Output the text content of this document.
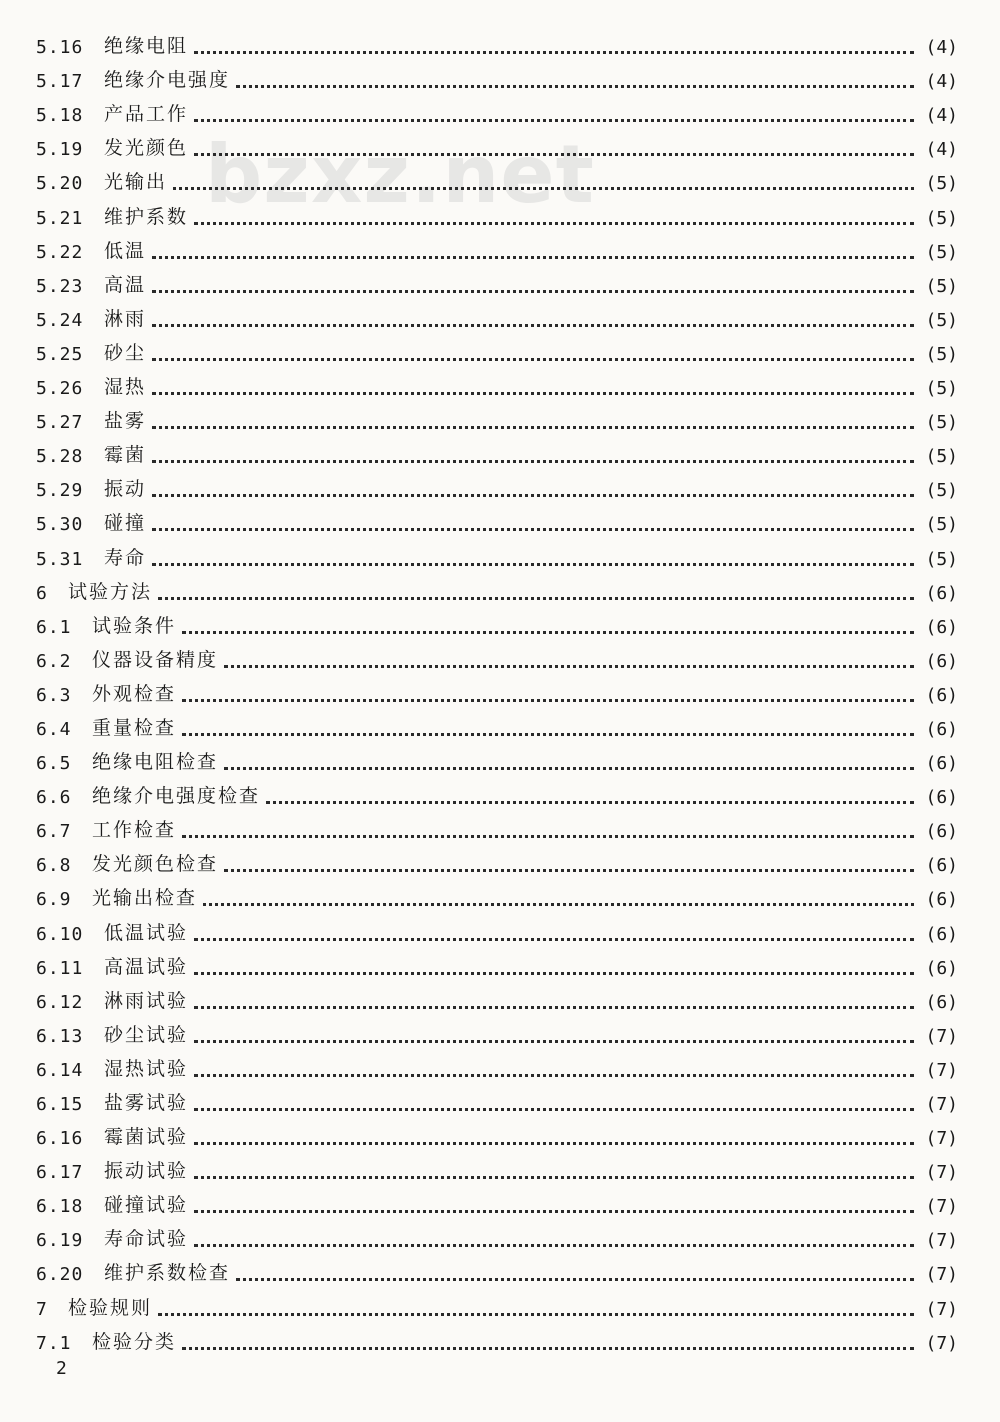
bzxz.net
5.16	绝缘电阻	(4)
5.17	绝缘介电强度	(4)
5.18	产品工作	(4)
5.19	发光颜色	(4)
5.20	光输出	(5)
5.21	维护系数	(5)
5.22	低温	(5)
5.23	高温	(5)
5.24	淋雨	(5)
5.25	砂尘	(5)
5.26	湿热	(5)
5.27	盐雾	(5)
5.28	霉菌	(5)
5.29	振动	(5)
5.30	碰撞	(5)
5.31	寿命	(5)
6	试验方法	(6)
6.1	试验条件	(6)
6.2	仪器设备精度	(6)
6.3	外观检查	(6)
6.4	重量检查	(6)
6.5	绝缘电阻检查	(6)
6.6	绝缘介电强度检查	(6)
6.7	工作检查	(6)
6.8	发光颜色检查	(6)
6.9	光输出检查	(6)
6.10	低温试验	(6)
6.11	高温试验	(6)
6.12	淋雨试验	(6)
6.13	砂尘试验	(7)
6.14	湿热试验	(7)
6.15	盐雾试验	(7)
6.16	霉菌试验	(7)
6.17	振动试验	(7)
6.18	碰撞试验	(7)
6.19	寿命试验	(7)
6.20	维护系数检查	(7)
7	检验规则	(7)
7.1	检验分类	(7)
2
